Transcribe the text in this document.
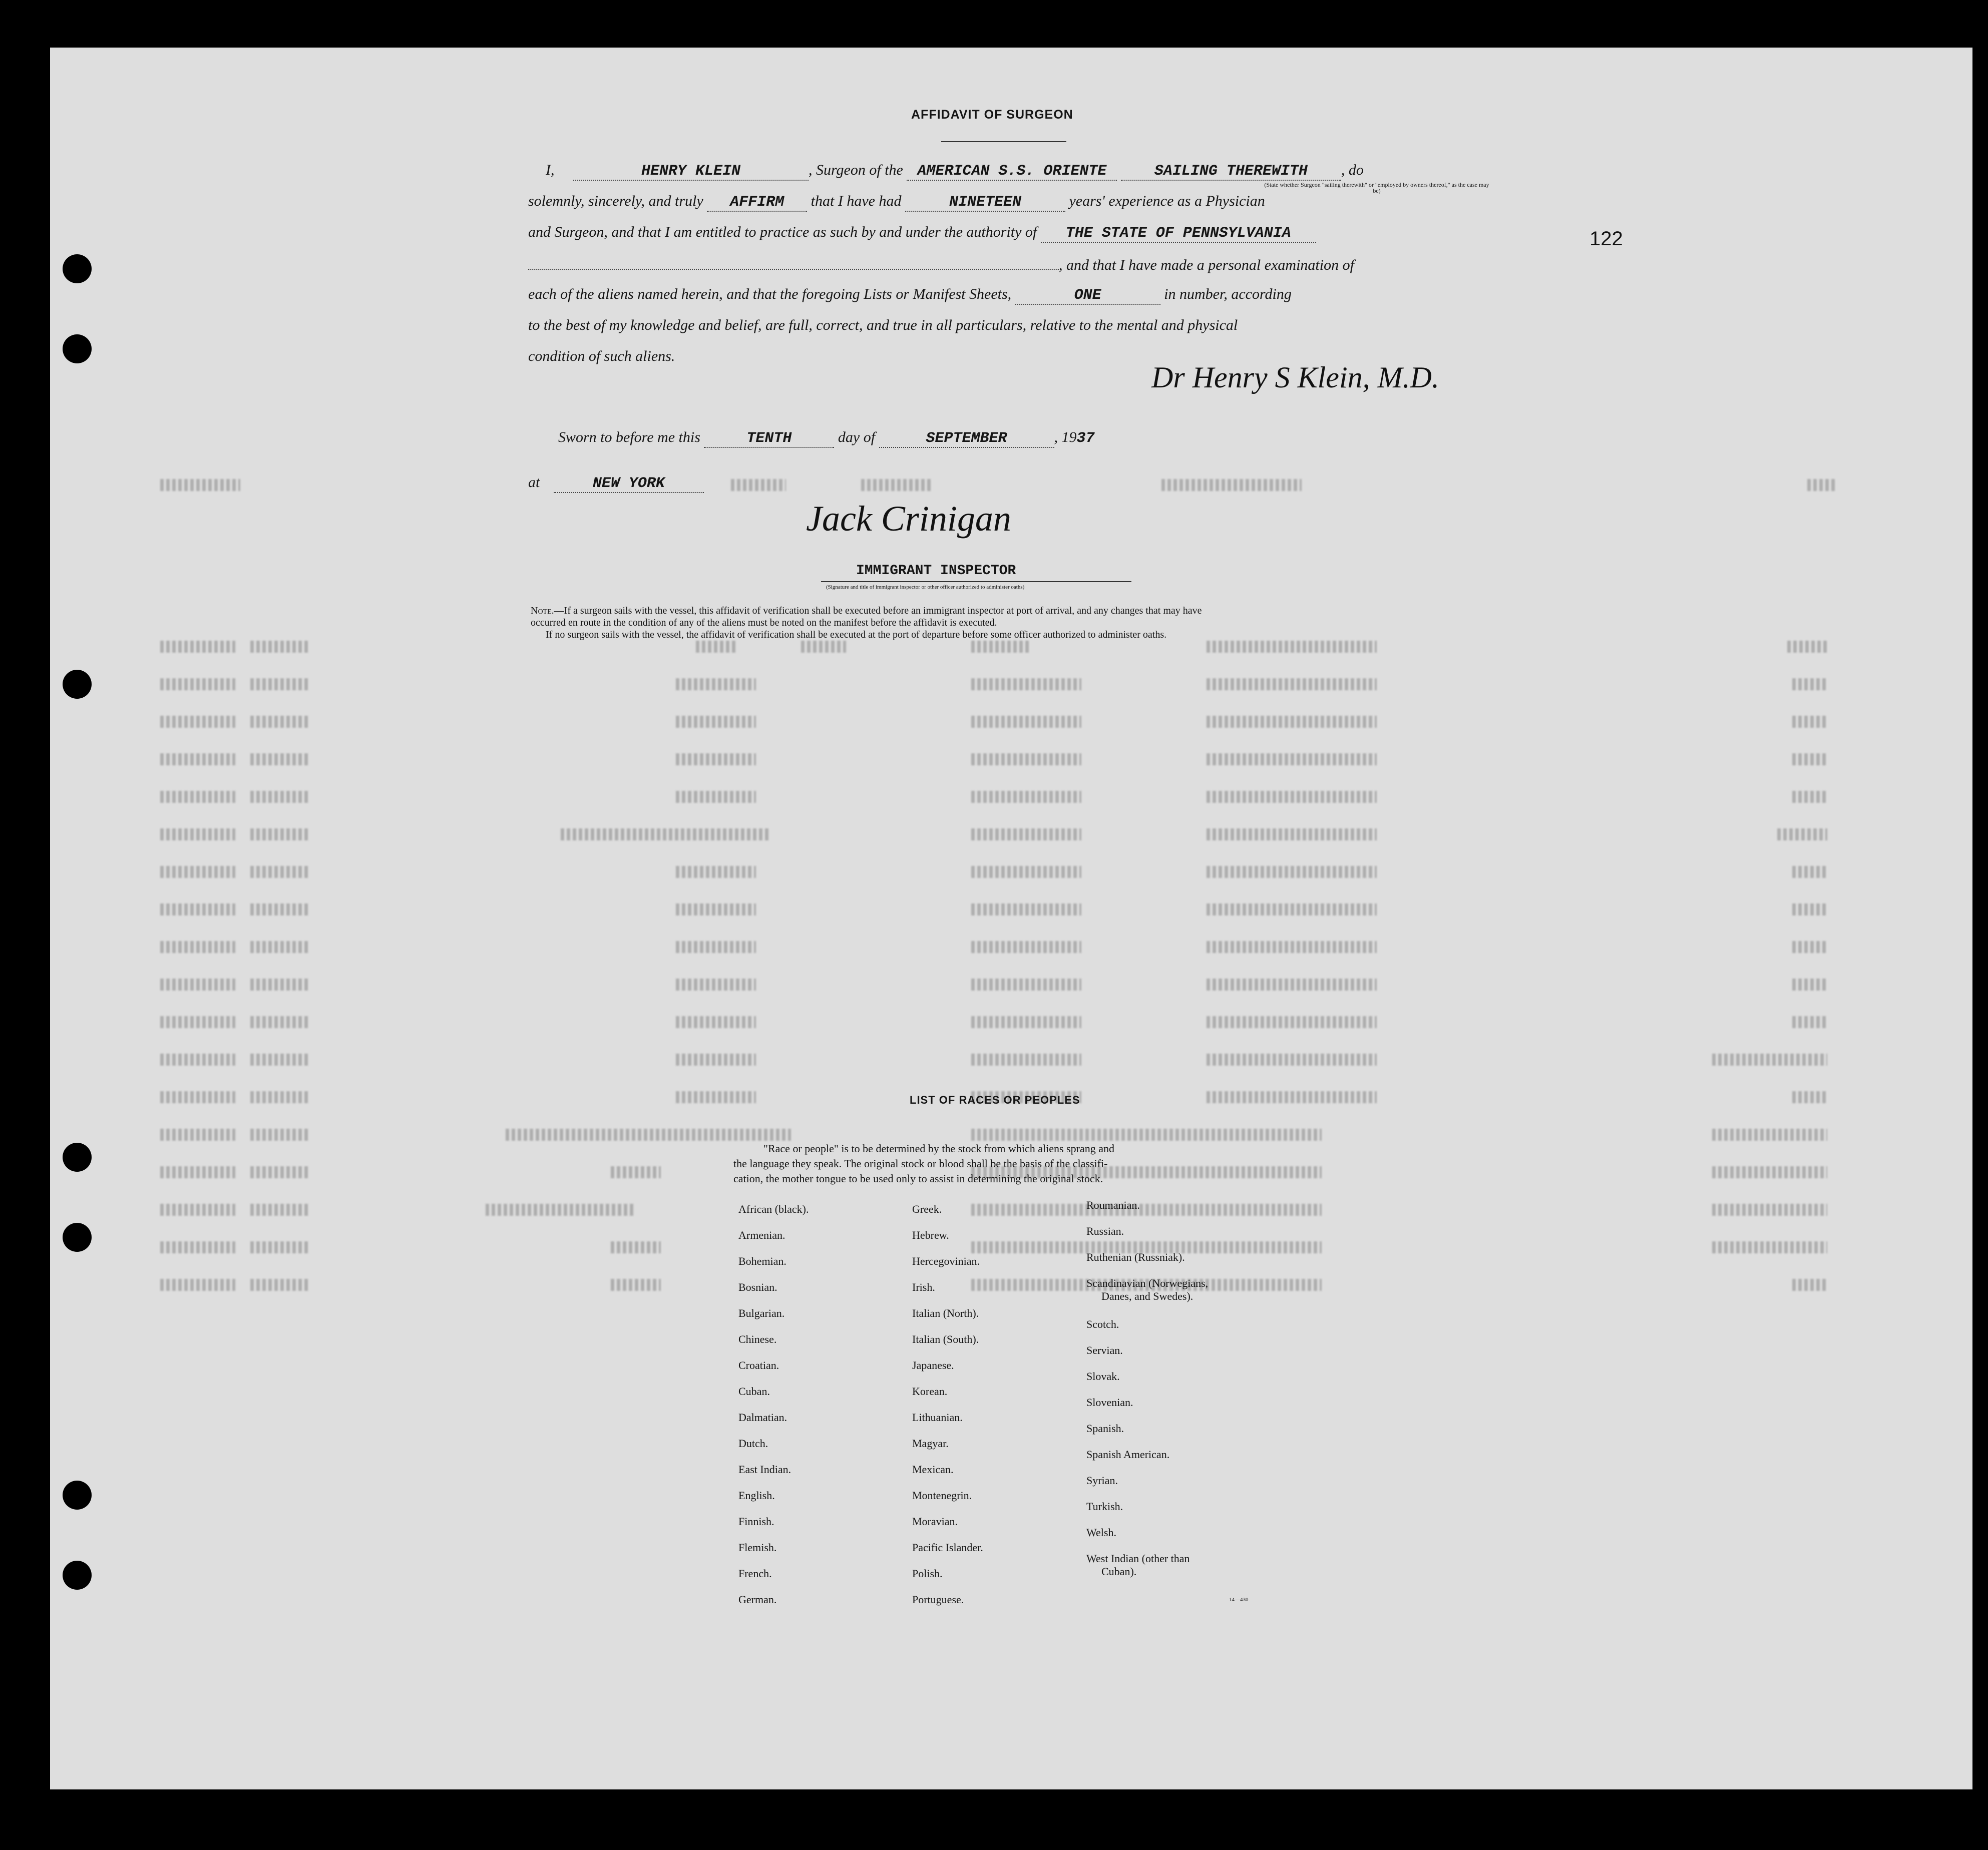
AFFIDAVIT OF SURGEON
122
I,	HENRY KLEIN	, Surgeon of the AMERICAN S.S. ORIENTE	SAILING THEREWITH , do
(State whether Surgeon "sailing therewith" or "employed by owners thereof," as the case may be)
solemnly, sincerely, and truly AFFIRM that I have had	NINETEEN	years' experience as a Physician
and Surgeon, and that I am entitled to practice as such by and under the authority of THE STATE OF PENNSYLVANIA
, and that I have made a personal examination of
each of the aliens named herein, and that the foregoing Lists or Manifest Sheets,	ONE	in number, according
to the best of my knowledge and belief, are full, correct, and true in all particulars, relative to the mental and physical
condition of such aliens.
Dr Henry S Klein, M.D.
Sworn to before me this	TENTH	day of	SEPTEMBER	, 1937
at	NEW YORK
Jack Crinigan
IMMIGRANT INSPECTOR
(Signature and title of immigrant inspector or other officer authorized to administer oaths)
Note.—If a surgeon sails with the vessel, this affidavit of verification shall be executed before an immigrant inspector at port of arrival, and any changes that may have
occurred en route in the condition of any of the aliens must be noted on the manifest before the affidavit is executed.
If no surgeon sails with the vessel, the affidavit of verification shall be executed at the port of departure before some officer authorized to administer oaths.
LIST OF RACES OR PEOPLES
"Race or people" is to be determined by the stock from which aliens sprang and
the language they speak. The original stock or blood shall be the basis of the classifi-
cation, the mother tongue to be used only to assist in determining the original stock.
African (black).
Armenian.
Bohemian.
Bosnian.
Bulgarian.
Chinese.
Croatian.
Cuban.
Dalmatian.
Dutch.
East Indian.
English.
Finnish.
Flemish.
French.
German.
Greek.
Hebrew.
Hercegovinian.
Irish.
Italian (North).
Italian (South).
Japanese.
Korean.
Lithuanian.
Magyar.
Mexican.
Montenegrin.
Moravian.
Pacific Islander.
Polish.
Portuguese.
Roumanian.
Russian.
Ruthenian (Russniak).
Scandinavian (Norwegians,
Danes, and Swedes).
Scotch.
Servian.
Slovak.
Slovenian.
Spanish.
Spanish American.
Syrian.
Turkish.
Welsh.
West Indian (other than
Cuban).
14—430
